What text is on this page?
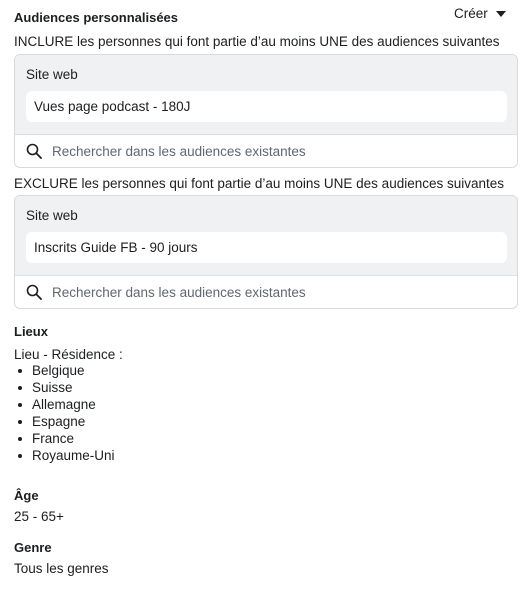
Audiences personnalisées	Créer
INCLURE les personnes qui font partie d’au moins UNE des audiences suivantes
Site web
Vues page podcast - 180J
Rechercher dans les audiences existantes
EXCLURE les personnes qui font partie d’au moins UNE des audiences suivantes
Site web
Inscrits Guide FB - 90 jours
Rechercher dans les audiences existantes
Lieux
Lieu - Résidence :
Belgique
Suisse
Allemagne
Espagne
France
Royaume-Uni
Âge
25 - 65+
Genre
Tous les genres
